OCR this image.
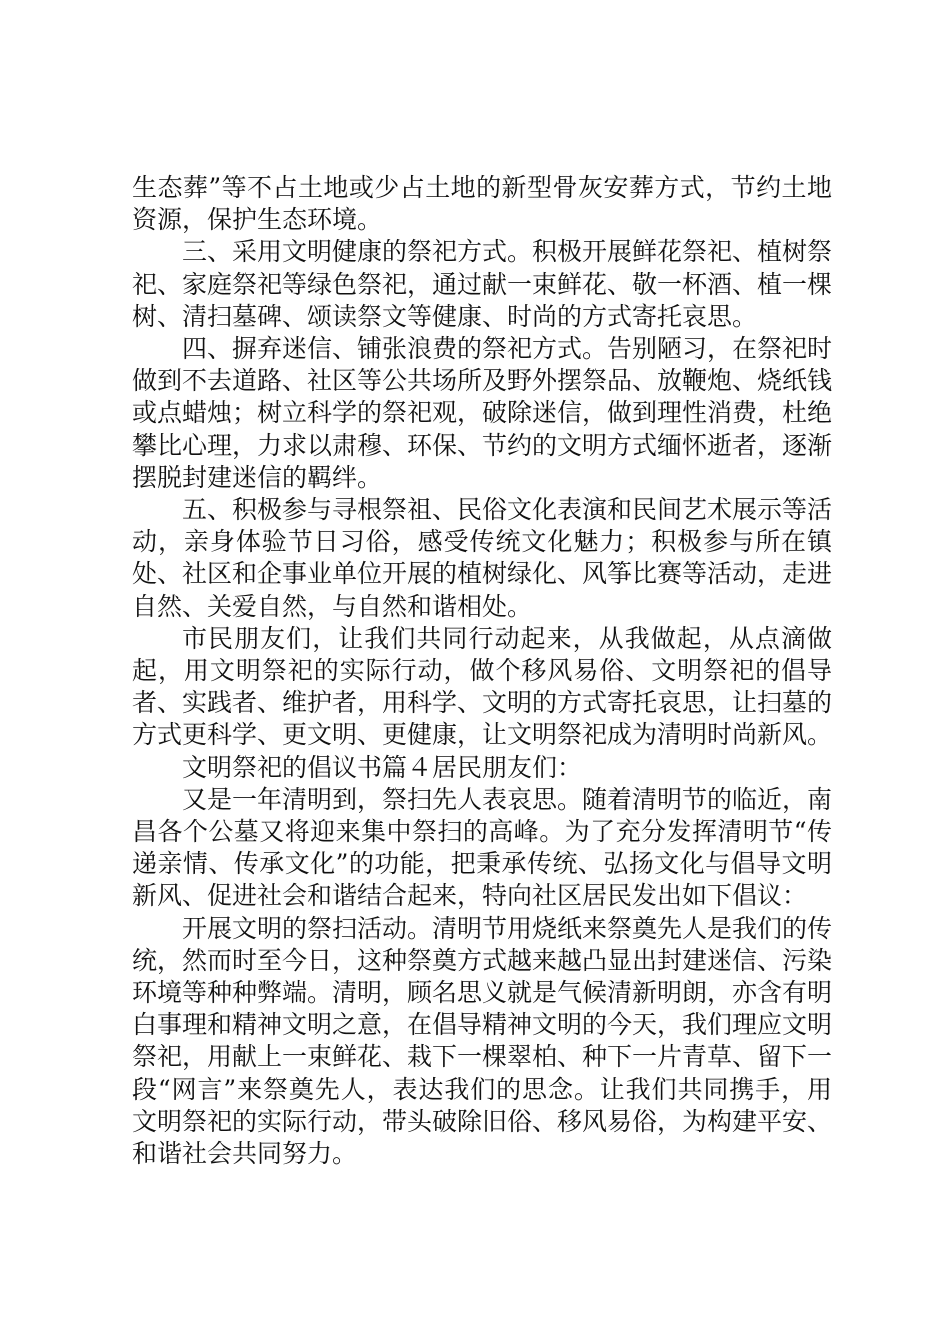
生态葬”等不占土地或少占土地的新型骨灰安葬方式，节约土地资源，保护生态环境。

三、采用文明健康的祭祀方式。积极开展鲜花祭祀、植树祭祀、家庭祭祀等绿色祭祀，通过献一束鲜花、敬一杯酒、植一棵树、清扫墓碑、颂读祭文等健康、时尚的方式寄托哀思。

四、摒弃迷信、铺张浪费的祭祀方式。告别陋习，在祭祀时做到不去道路、社区等公共场所及野外摆祭品、放鞭炮、烧纸钱或点蜡烛；树立科学的祭祀观，破除迷信，做到理性消费，杜绝攀比心理，力求以肃穆、环保、节约的文明方式缅怀逝者，逐渐摆脱封建迷信的羁绊。

五、积极参与寻根祭祖、民俗文化表演和民间艺术展示等活动，亲身体验节日习俗，感受传统文化魅力；积极参与所在镇处、社区和企事业单位开展的植树绿化、风筝比赛等活动，走进自然、关爱自然，与自然和谐相处。

市民朋友们，让我们共同行动起来，从我做起，从点滴做起，用文明祭祀的实际行动，做个移风易俗、文明祭祀的倡导者、实践者、维护者，用科学、文明的方式寄托哀思，让扫墓的方式更科学、更文明、更健康，让文明祭祀成为清明时尚新风。

文明祭祀的倡议书篇４居民朋友们：

又是一年清明到，祭扫先人表哀思。随着清明节的临近，南昌各个公墓又将迎来集中祭扫的高峰。为了充分发挥清明节“传递亲情、传承文化”的功能，把秉承传统、弘扬文化与倡导文明新风、促进社会和谐结合起来，特向社区居民发出如下倡议：

开展文明的祭扫活动。清明节用烧纸来祭奠先人是我们的传统，然而时至今日，这种祭奠方式越来越凸显出封建迷信、污染环境等种种弊端。清明，顾名思义就是气候清新明朗，亦含有明白事理和精神文明之意，在倡导精神文明的今天，我们理应文明祭祀，用献上一束鲜花、栽下一棵翠柏、种下一片青草、留下一段“网言”来祭奠先人，表达我们的思念。让我们共同携手，用文明祭祀的实际行动，带头破除旧俗、移风易俗，为构建平安、和谐社会共同努力。
